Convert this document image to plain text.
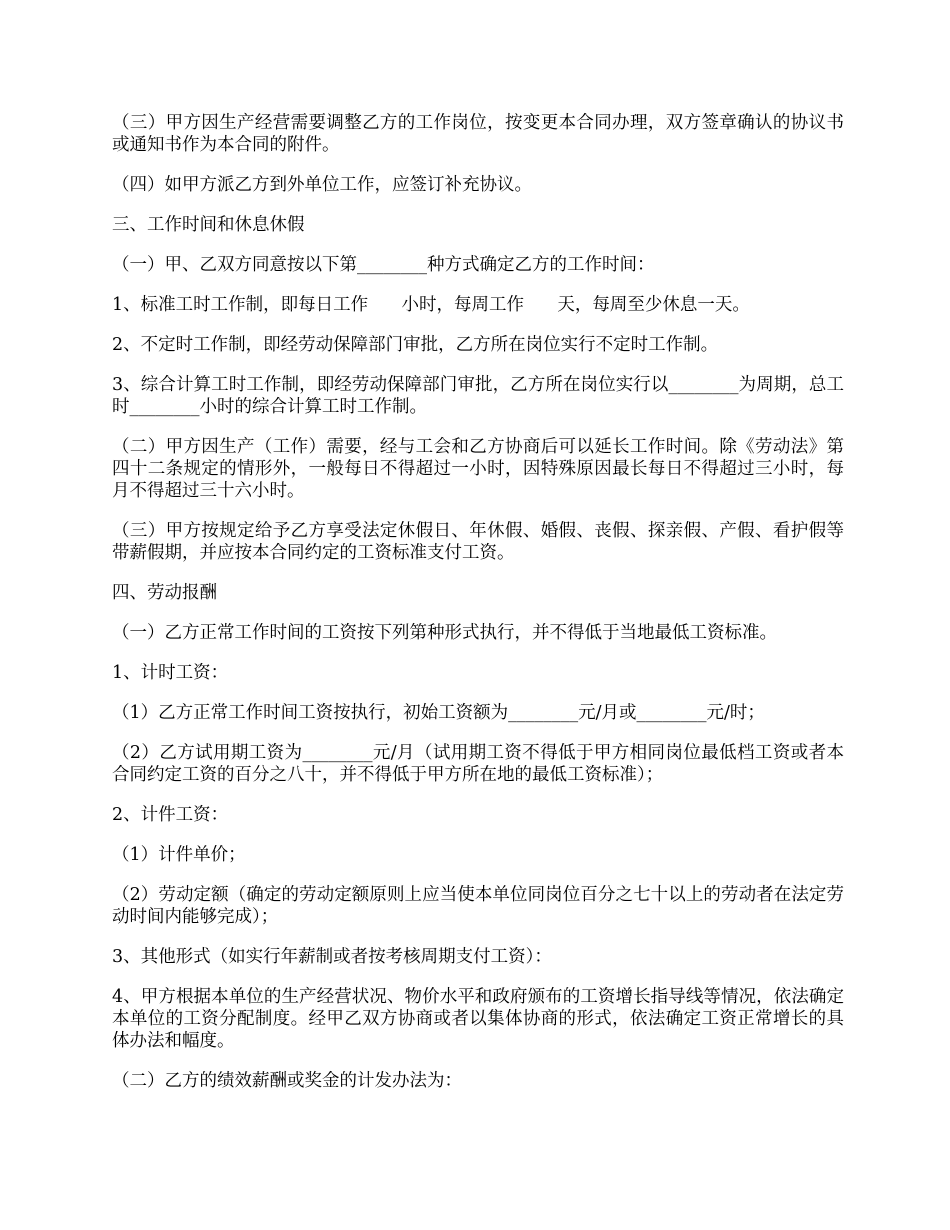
（三）甲方因生产经营需要调整乙方的工作岗位，按变更本合同办理，双方签章确认的协议书或通知书作为本合同的附件。

（四）如甲方派乙方到外单位工作，应签订补充协议。

三、工作时间和休息休假

（一）甲、乙双方同意按以下第________种方式确定乙方的工作时间：

1、标准工时工作制，即每日工作      小时，每周工作      天，每周至少休息一天。

2、不定时工作制，即经劳动保障部门审批，乙方所在岗位实行不定时工作制。

3、综合计算工时工作制，即经劳动保障部门审批，乙方所在岗位实行以________为周期，总工时________小时的综合计算工时工作制。

（二）甲方因生产（工作）需要，经与工会和乙方协商后可以延长工作时间。除《劳动法》第四十二条规定的情形外，一般每日不得超过一小时，因特殊原因最长每日不得超过三小时，每月不得超过三十六小时。

（三）甲方按规定给予乙方享受法定休假日、年休假、婚假、丧假、探亲假、产假、看护假等带薪假期，并应按本合同约定的工资标准支付工资。

四、劳动报酬

（一）乙方正常工作时间的工资按下列第种形式执行，并不得低于当地最低工资标准。

1、计时工资：

（1）乙方正常工作时间工资按执行，初始工资额为________元/月或________元/时；

（2）乙方试用期工资为________元/月（试用期工资不得低于甲方相同岗位最低档工资或者本合同约定工资的百分之八十，并不得低于甲方所在地的最低工资标准）；

2、计件工资：

（1）计件单价；

（2）劳动定额（确定的劳动定额原则上应当使本单位同岗位百分之七十以上的劳动者在法定劳动时间内能够完成）；

3、其他形式（如实行年薪制或者按考核周期支付工资）：

4、甲方根据本单位的生产经营状况、物价水平和政府颁布的工资增长指导线等情况，依法确定本单位的工资分配制度。经甲乙双方协商或者以集体协商的形式，依法确定工资正常增长的具体办法和幅度。

（二）乙方的绩效薪酬或奖金的计发办法为：
